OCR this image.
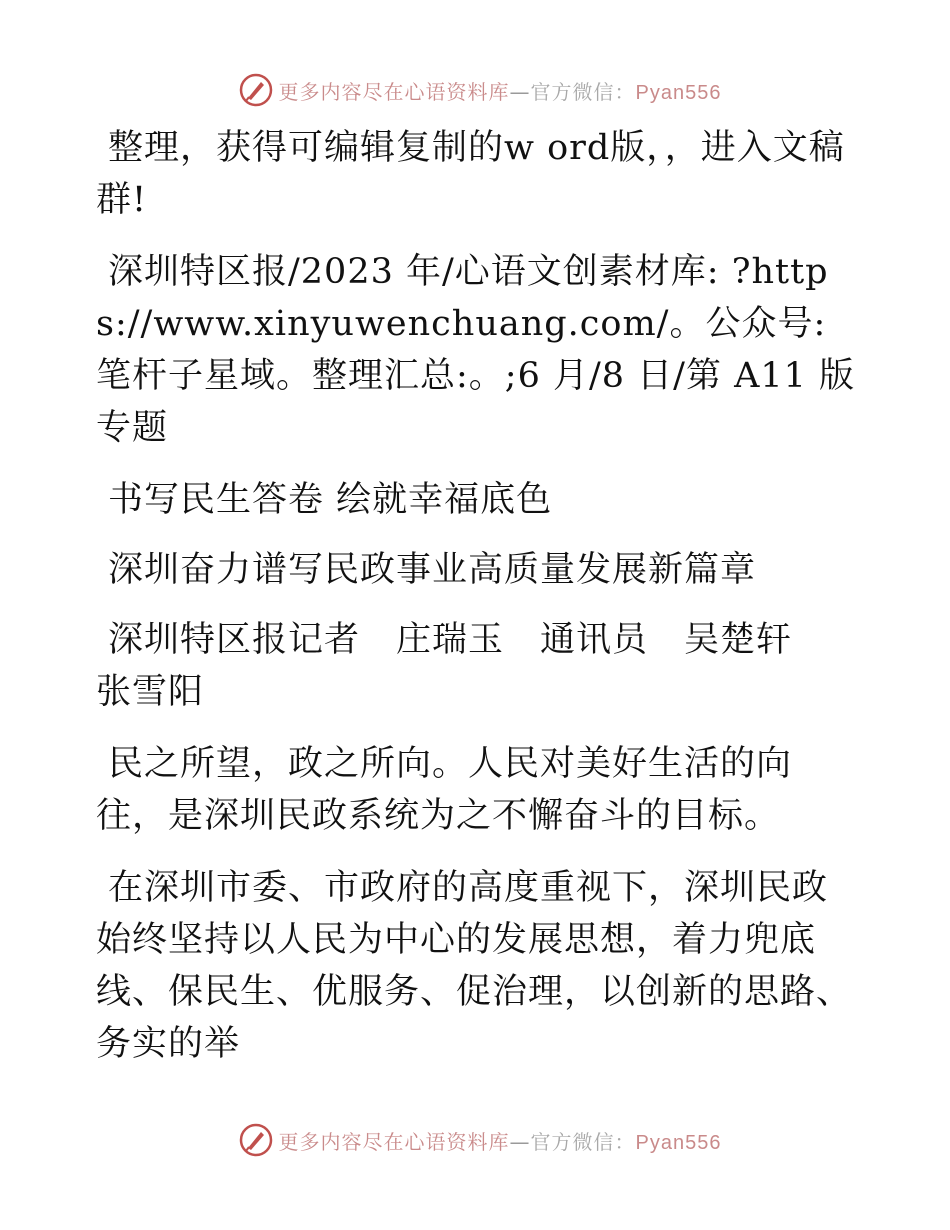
更多内容尽在心语资料库—官方微信：Pyan556

整理，获得可编辑复制的w ord版，，进入文稿群!

深圳特区报/2023 年/心语文创素材库: ?https://www.xinyuwenchuang.com/。公众号: 笔杆子星域。整理汇总:。;6 月/8 日/第 A11 版专题

书写民生答卷 绘就幸福底色

深圳奋力谱写民政事业高质量发展新篇章

深圳特区报记者　庄瑞玉　通讯员　吴楚轩　张雪阳

民之所望，政之所向。人民对美好生活的向往，是深圳民政系统为之不懈奋斗的目标。

在深圳市委、市政府的高度重视下，深圳民政始终坚持以人民为中心的发展思想，着力兜底线、保民生、优服务、促治理，以创新的思路、务实的举

更多内容尽在心语资料库—官方微信：Pyan556
